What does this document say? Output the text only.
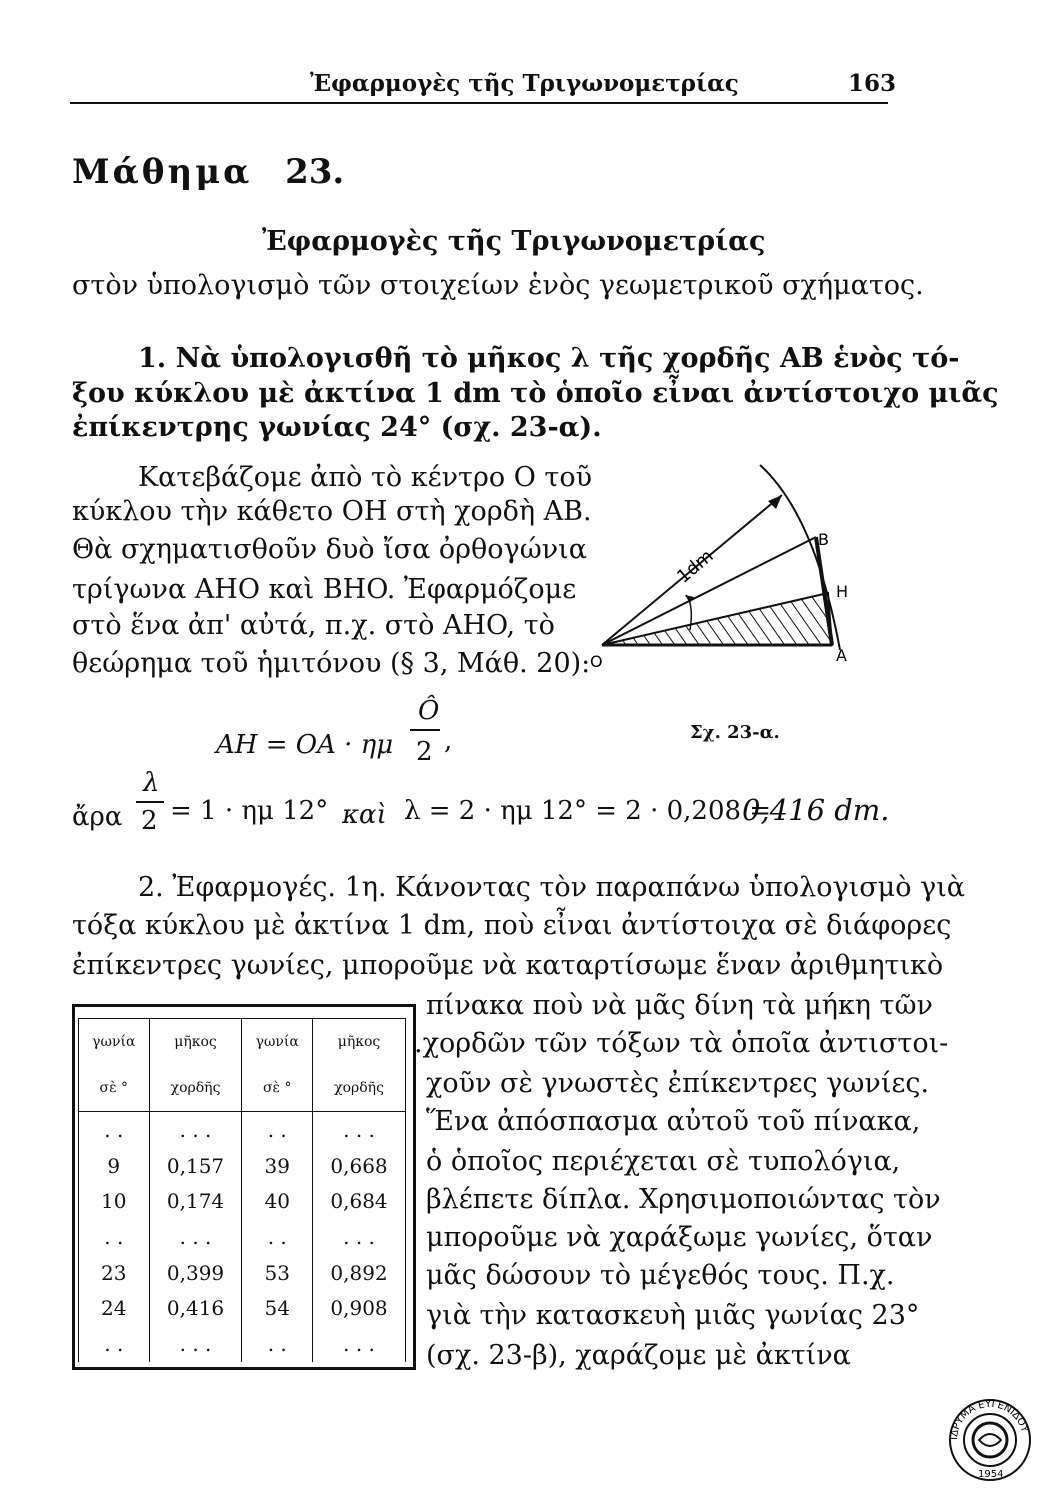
Ἐφαρμογὲς τῆς Τριγωνομετρίας	163
Μάθημα 23.
Ἐφαρμογὲς τῆς Τριγωνομετρίας
στὸν ὑπολογισμὸ τῶν στοιχείων ἑνὸς γεωμετρικοῦ σχήματος.
1. Νὰ ὑπολογισθῆ τὸ μῆκος λ τῆς χορδῆς AB ἑνὸς τό-
ξου κύκλου μὲ ἀκτίνα 1 dm τὸ ὁποῖο εἶναι ἀντίστοιχο μιᾶς
ἐπίκεντρης γωνίας 24° (σχ. 23-α).
Κατεβάζομε ἀπὸ τὸ κέντρο O τοῦ
κύκλου τὴν κάθετο OH στὴ χορδὴ AB.
Θὰ σχηματισθοῦν δυὸ ἴσα ὀρθογώνια
τρίγωνα AHO καὶ BHO. Ἐφαρμόζομε
στὸ ἕνα ἀπ' αὐτά, π.χ. στὸ AHO, τὸ
θεώρημα τοῦ ἡμιτόνου (§ 3, Μάθ. 20):
1dm
O	A
B
H
AH = OA · ημ
Ô
2 ,	Σχ. 23-α.
ἄρα
λ
2 = 1 · ημ 12° καὶ λ = 2 · ημ 12° = 2 · 0,208 =
0,416 dm.
2. Ἐφαρμογές. 1η. Κάνοντας τὸν παραπάνω ὑπολογισμὸ γιὰ
τόξα κύκλου μὲ ἀκτίνα 1 dm, ποὺ εἶναι ἀντίστοιχα σὲ διάφορες
ἐπίκεντρες γωνίες, μποροῦμε νὰ καταρτίσωμε ἕναν ἀριθμητικὸ
πίνακα ποὺ νὰ μᾶς δίνη τὰ μήκη τῶν
.χορδῶν τῶν τόξων τὰ ὁποῖα ἀντιστοι-
χοῦν σὲ γνωστὲς ἐπίκεντρες γωνίες.
Ἕνα ἀπόσπασμα αὐτοῦ τοῦ πίνακα,
ὁ ὁποῖος περιέχεται σὲ τυπολόγια,
βλέπετε δίπλα. Χρησιμοποιώντας τὸν
μποροῦμε νὰ χαράξωμε γωνίες, ὅταν
μᾶς δώσουν τὸ μέγεθός τους. Π.χ.
γιὰ τὴν κατασκευὴ μιᾶς γωνίας 23°
(σχ. 23-β), χαράζομε μὲ ἀκτίνα
γωνία	μῆκος	γωνία	μῆκος
σὲ °	χορδῆς	σὲ °	χορδῆς
. .	. . .	. .	. . .
9	0,157	39	0,668
10	0,174	40	0,684
. .	. . .	. .	. . .
23	0,399	53	0,892
24	0,416	54	0,908
. .	. . .	. .	. . .
ΙΔΡΥΜΑ ΕΥΓΕΝΙΔΟΥ
1954
